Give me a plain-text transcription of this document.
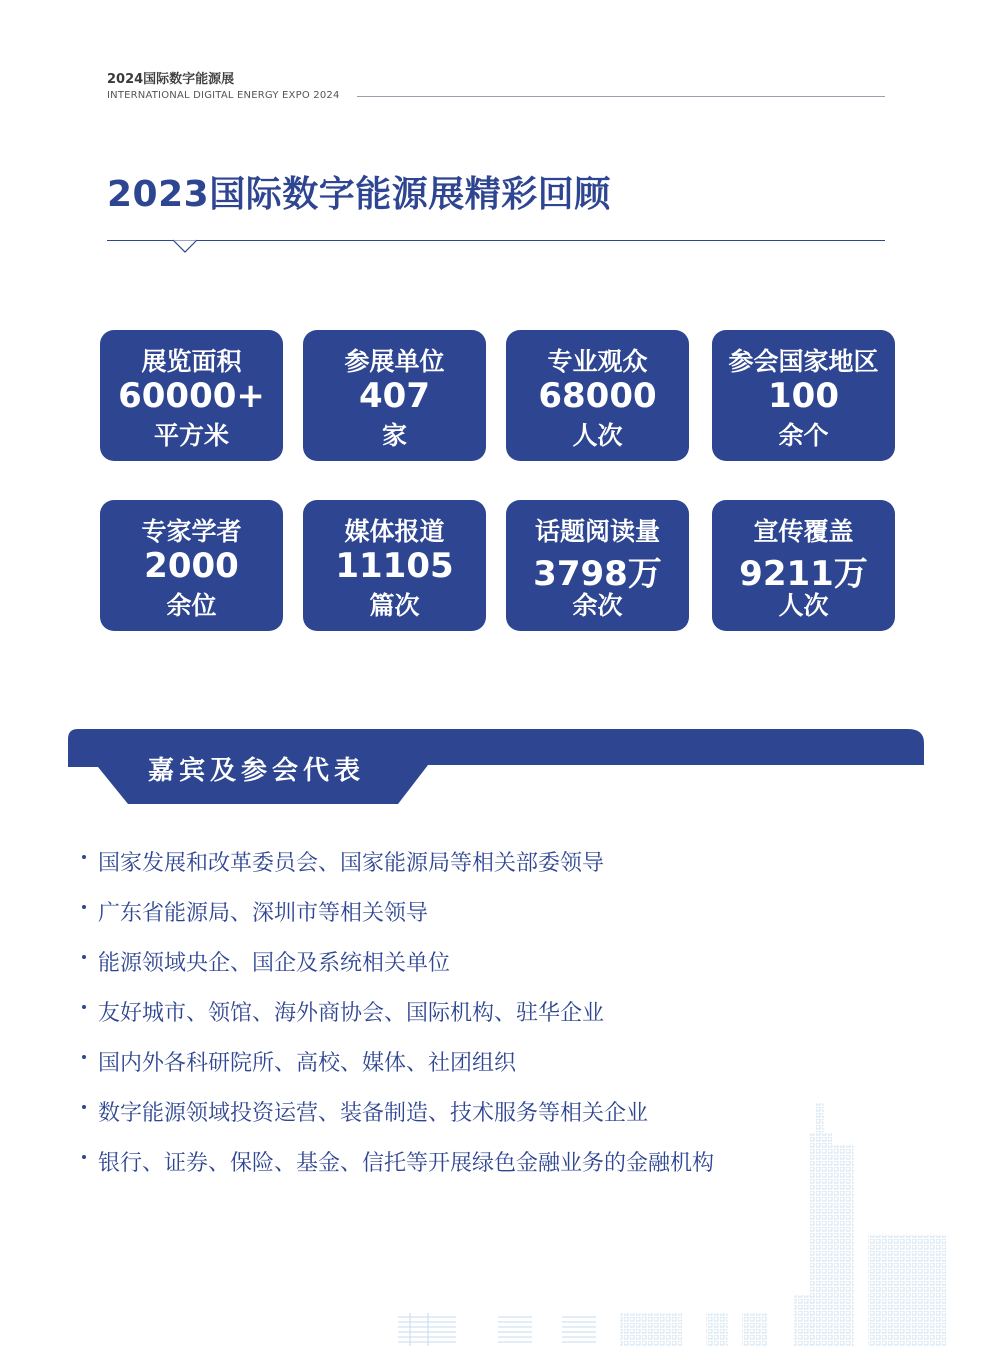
2024国际数字能源展
INTERNATIONAL DIGITAL ENERGY EXPO 2024
2023国际数字能源展精彩回顾
展览面积
60000+
平方米
参展单位
407
家
专业观众
68000
人次
参会国家地区
100
余个
专家学者
2000
余位
媒体报道
11105
篇次
话题阅读量
3798万
余次
宣传覆盖
9211万
人次
嘉宾及参会代表
国家发展和改革委员会、国家能源局等相关部委领导
广东省能源局、深圳市等相关领导
能源领域央企、国企及系统相关单位
友好城市、领馆、海外商协会、国际机构、驻华企业
国内外各科研院所、高校、媒体、社团组织
数字能源领域投资运营、装备制造、技术服务等相关企业
银行、证券、保险、基金、信托等开展绿色金融业务的金融机构
